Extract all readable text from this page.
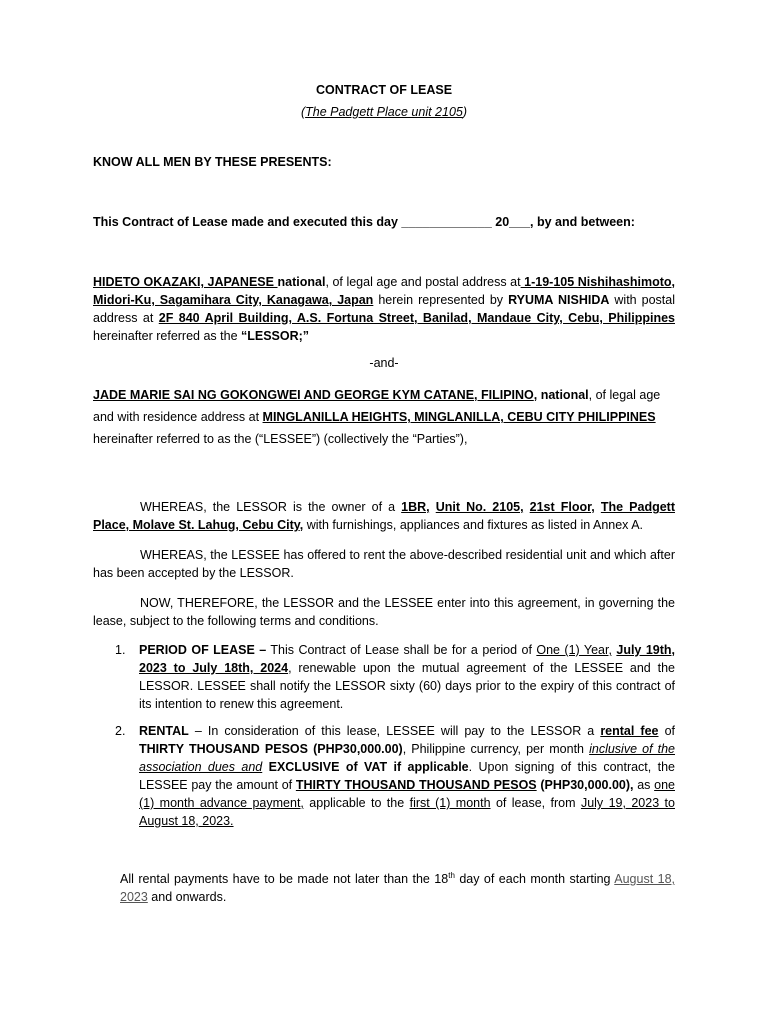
CONTRACT OF LEASE
(The Padgett Place unit 2105)
KNOW ALL MEN BY THESE PRESENTS:
This Contract of Lease made and executed this day _____________ 20___, by and between:
HIDETO OKAZAKI, JAPANESE national, of legal age and postal address at 1-19-105 Nishihashimoto, Midori-Ku, Sagamihara City, Kanagawa, Japan herein represented by RYUMA NISHIDA with postal address at 2F 840 April Building, A.S. Fortuna Street, Banilad, Mandaue City, Cebu, Philippines hereinafter referred as the “LESSOR;”
-and-
JADE MARIE SAI NG GOKONGWEI AND GEORGE KYM CATANE, FILIPINO, national, of legal age and with residence address at MINGLANILLA HEIGHTS, MINGLANILLA, CEBU CITY PHILIPPINES hereinafter referred to as the (“LESSEE”) (collectively the “Parties”),
WHEREAS, the LESSOR is the owner of a 1BR, Unit No. 2105, 21st Floor, The Padgett Place, Molave St. Lahug, Cebu City, with furnishings, appliances and fixtures as listed in Annex A.
WHEREAS, the LESSEE has offered to rent the above-described residential unit and which after has been accepted by the LESSOR.
NOW, THEREFORE, the LESSOR and the LESSEE enter into this agreement, in governing the lease, subject to the following terms and conditions.
1. PERIOD OF LEASE – This Contract of Lease shall be for a period of One (1) Year, July 19th, 2023 to July 18th, 2024, renewable upon the mutual agreement of the LESSEE and the LESSOR. LESSEE shall notify the LESSOR sixty (60) days prior to the expiry of this contract of its intention to renew this agreement.
2. RENTAL – In consideration of this lease, LESSEE will pay to the LESSOR a rental fee of THIRTY THOUSAND PESOS (PHP30,000.00), Philippine currency, per month inclusive of the association dues and EXCLUSIVE of VAT if applicable. Upon signing of this contract, the LESSEE pay the amount of THIRTY THOUSAND THOUSAND PESOS (PHP30,000.00), as one (1) month advance payment, applicable to the first (1) month of lease, from July 19, 2023 to August 18, 2023.
All rental payments have to be made not later than the 18th day of each month starting August 18, 2023 and onwards.
